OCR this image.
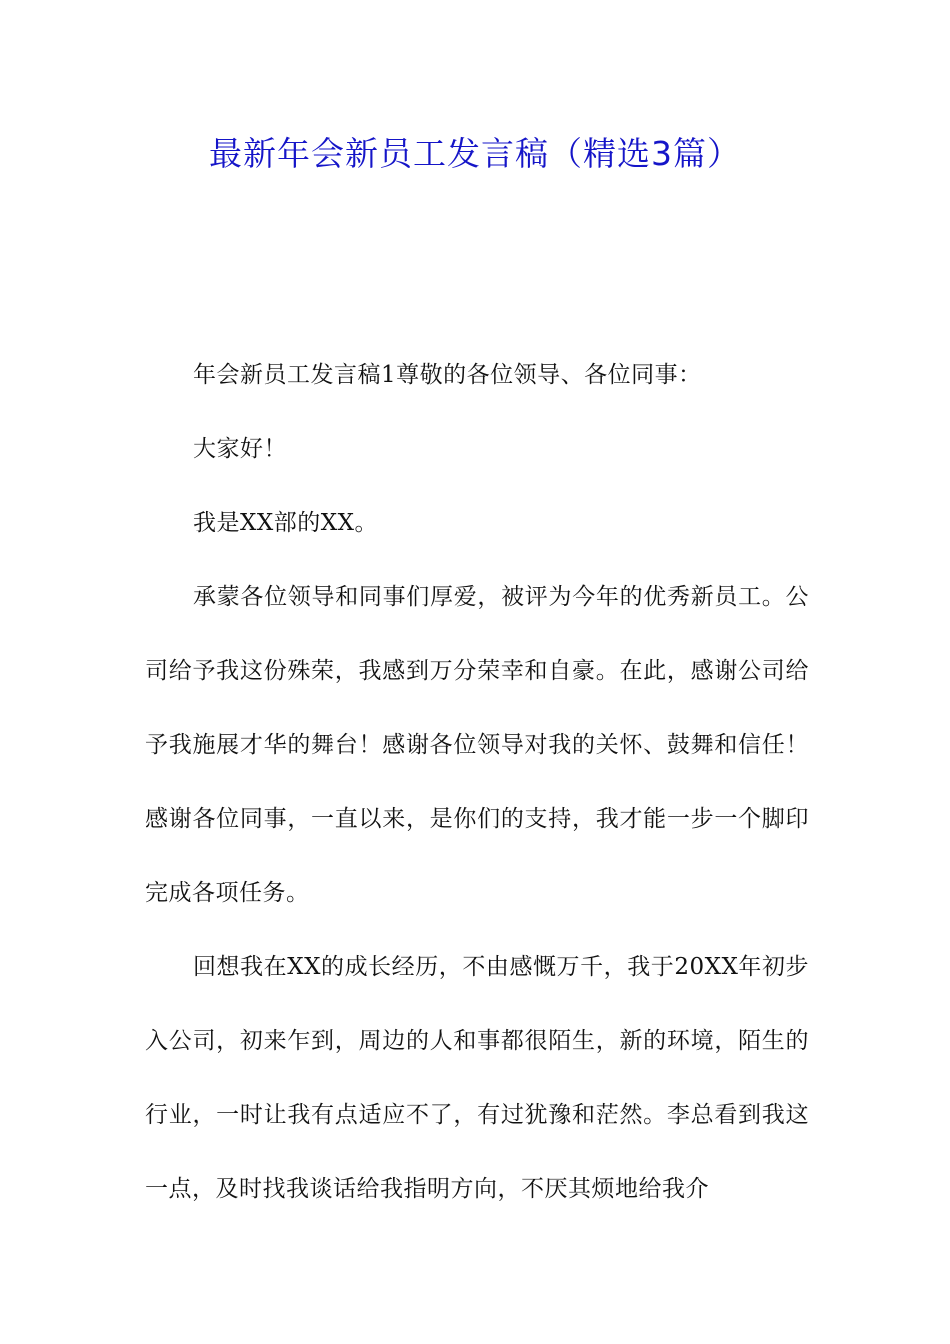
最新年会新员工发言稿（精选3篇）

年会新员工发言稿1尊敬的各位领导、各位同事：

大家好！

我是XX部的XX。

承蒙各位领导和同事们厚爱，被评为今年的优秀新员工。公司给予我这份殊荣，我感到万分荣幸和自豪。在此，感谢公司给予我施展才华的舞台！感谢各位领导对我的关怀、鼓舞和信任！感谢各位同事，一直以来，是你们的支持，我才能一步一个脚印完成各项任务。

回想我在XX的成长经历，不由感慨万千，我于20XX年初步入公司，初来乍到，周边的人和事都很陌生，新的环境，陌生的行业，一时让我有点适应不了，有过犹豫和茫然。李总看到我这一点，及时找我谈话给我指明方向，不厌其烦地给我介
